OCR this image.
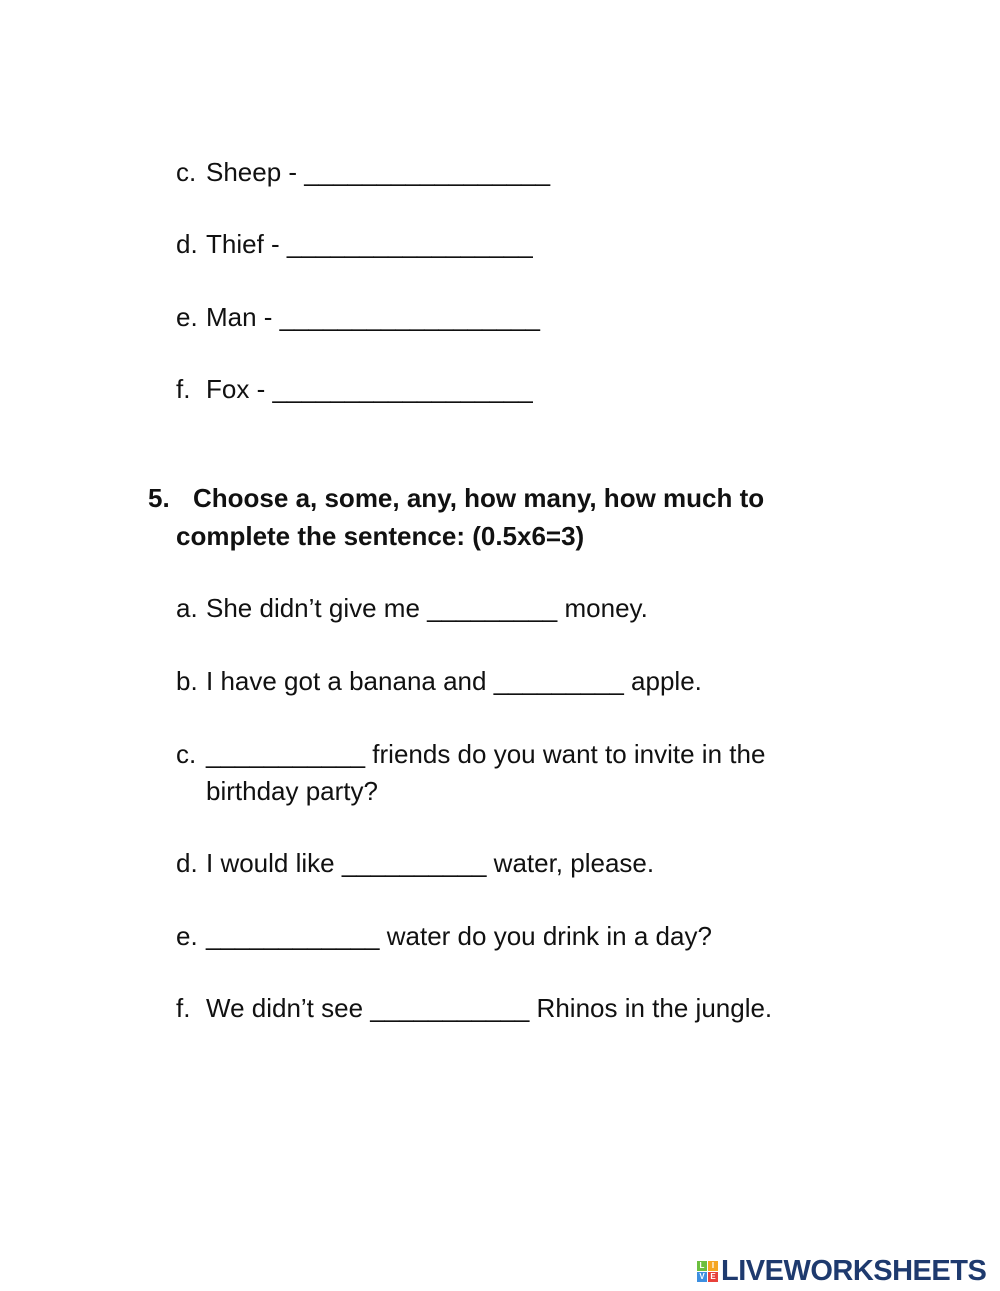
c. Sheep - _________________
d. Thief - _________________
e. Man - __________________
f. Fox - __________________
5. Choose a, some, any, how many, how much to
complete the sentence: (0.5x6=3)
a. She didn’t give me _________ money.
b. I have got a banana and _________ apple.
c. ___________ friends do you want to invite in the
birthday party?
d. I would like __________ water, please.
e. ____________ water do you drink in a day?
f. We didn’t see ___________ Rhinos in the jungle.
L I
V E LIVEWORKSHEETS
